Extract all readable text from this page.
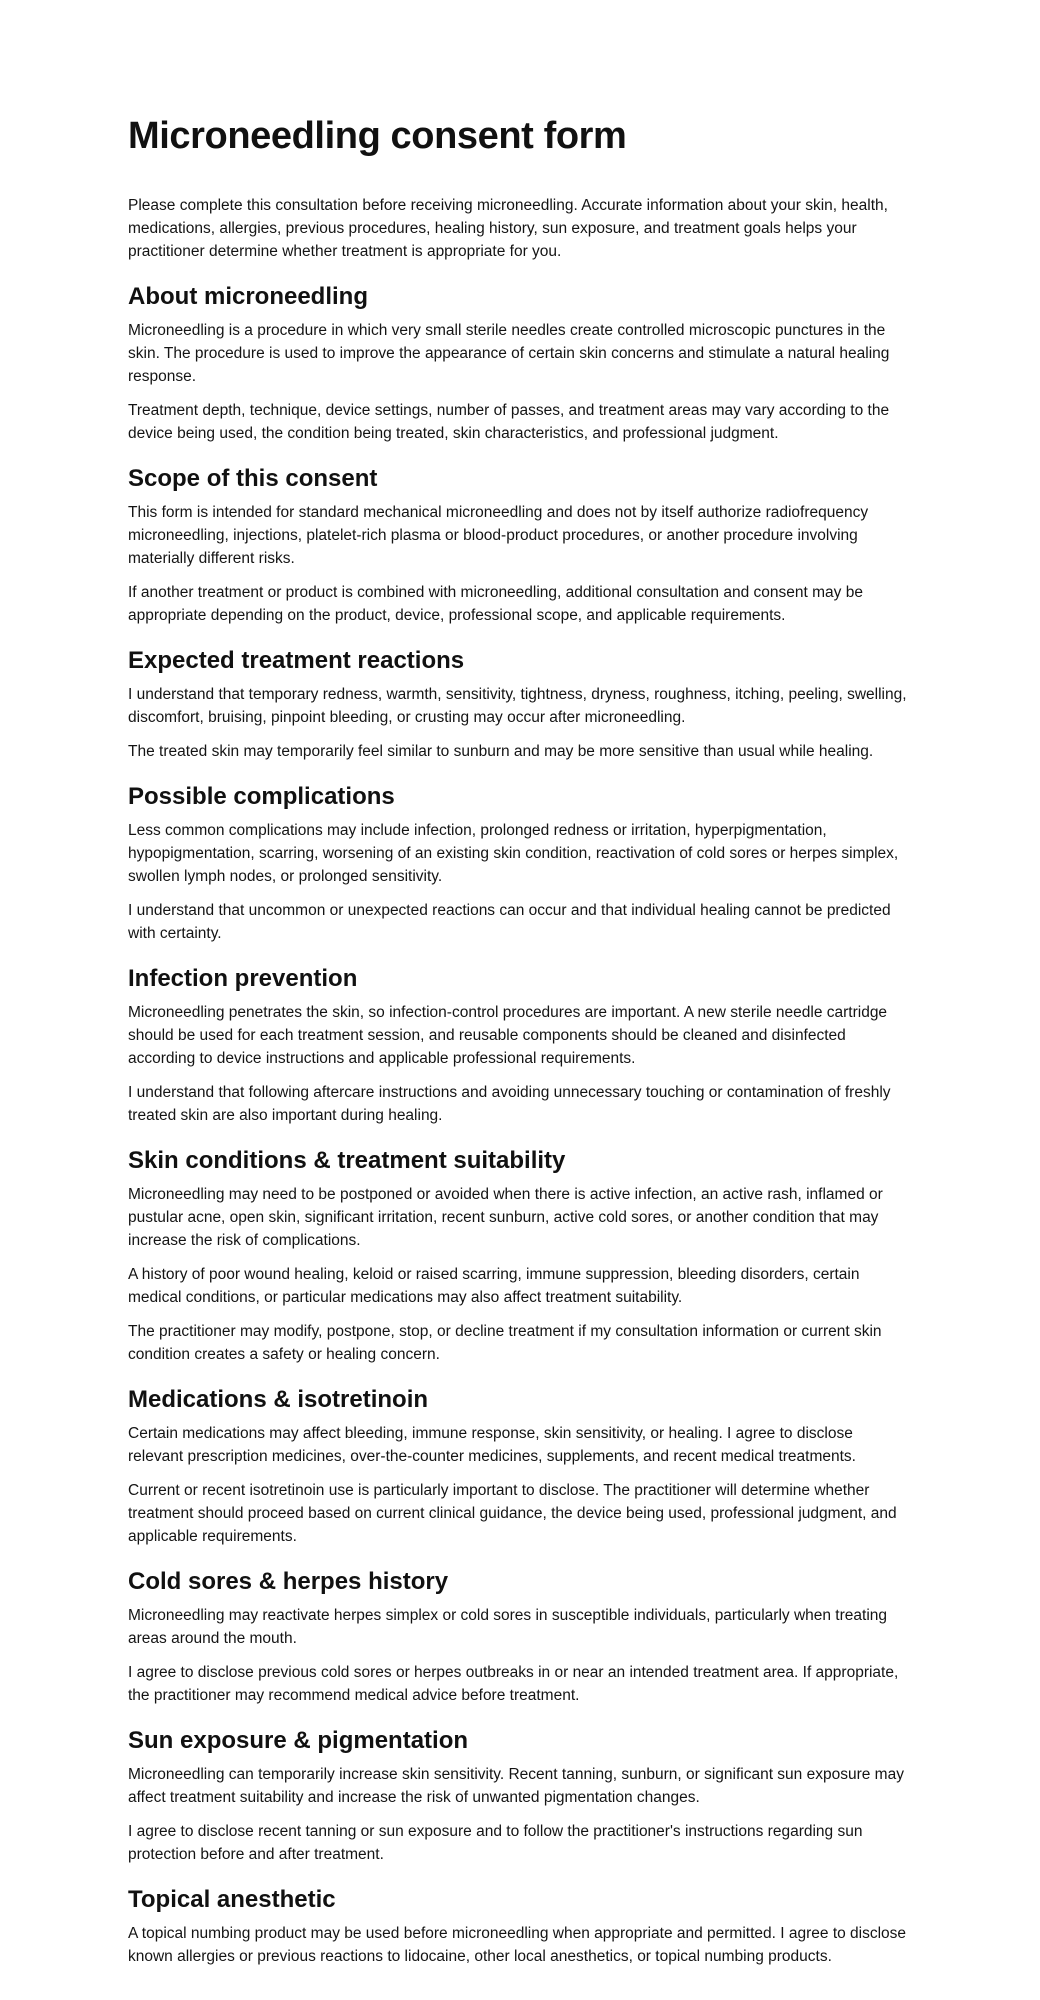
Microneedling consent form

Please complete this consultation before receiving microneedling. Accurate information about your skin, health, medications, allergies, previous procedures, healing history, sun exposure, and treatment goals helps your practitioner determine whether treatment is appropriate for you.

About microneedling

Microneedling is a procedure in which very small sterile needles create controlled microscopic punctures in the skin. The procedure is used to improve the appearance of certain skin concerns and stimulate a natural healing response.

Treatment depth, technique, device settings, number of passes, and treatment areas may vary according to the device being used, the condition being treated, skin characteristics, and professional judgment.

Scope of this consent

This form is intended for standard mechanical microneedling and does not by itself authorize radiofrequency microneedling, injections, platelet-rich plasma or blood-product procedures, or another procedure involving materially different risks.

If another treatment or product is combined with microneedling, additional consultation and consent may be appropriate depending on the product, device, professional scope, and applicable requirements.

Expected treatment reactions

I understand that temporary redness, warmth, sensitivity, tightness, dryness, roughness, itching, peeling, swelling, discomfort, bruising, pinpoint bleeding, or crusting may occur after microneedling.

The treated skin may temporarily feel similar to sunburn and may be more sensitive than usual while healing.

Possible complications

Less common complications may include infection, prolonged redness or irritation, hyperpigmentation, hypopigmentation, scarring, worsening of an existing skin condition, reactivation of cold sores or herpes simplex, swollen lymph nodes, or prolonged sensitivity.

I understand that uncommon or unexpected reactions can occur and that individual healing cannot be predicted with certainty.

Infection prevention

Microneedling penetrates the skin, so infection-control procedures are important. A new sterile needle cartridge should be used for each treatment session, and reusable components should be cleaned and disinfected according to device instructions and applicable professional requirements.

I understand that following aftercare instructions and avoiding unnecessary touching or contamination of freshly treated skin are also important during healing.

Skin conditions & treatment suitability

Microneedling may need to be postponed or avoided when there is active infection, an active rash, inflamed or pustular acne, open skin, significant irritation, recent sunburn, active cold sores, or another condition that may increase the risk of complications.

A history of poor wound healing, keloid or raised scarring, immune suppression, bleeding disorders, certain medical conditions, or particular medications may also affect treatment suitability.

The practitioner may modify, postpone, stop, or decline treatment if my consultation information or current skin condition creates a safety or healing concern.

Medications & isotretinoin

Certain medications may affect bleeding, immune response, skin sensitivity, or healing. I agree to disclose relevant prescription medicines, over-the-counter medicines, supplements, and recent medical treatments.

Current or recent isotretinoin use is particularly important to disclose. The practitioner will determine whether treatment should proceed based on current clinical guidance, the device being used, professional judgment, and applicable requirements.

Cold sores & herpes history

Microneedling may reactivate herpes simplex or cold sores in susceptible individuals, particularly when treating areas around the mouth.

I agree to disclose previous cold sores or herpes outbreaks in or near an intended treatment area. If appropriate, the practitioner may recommend medical advice before treatment.

Sun exposure & pigmentation

Microneedling can temporarily increase skin sensitivity. Recent tanning, sunburn, or significant sun exposure may affect treatment suitability and increase the risk of unwanted pigmentation changes.

I agree to disclose recent tanning or sun exposure and to follow the practitioner's instructions regarding sun protection before and after treatment.

Topical anesthetic

A topical numbing product may be used before microneedling when appropriate and permitted. I agree to disclose known allergies or previous reactions to lidocaine, other local anesthetics, or topical numbing products.
